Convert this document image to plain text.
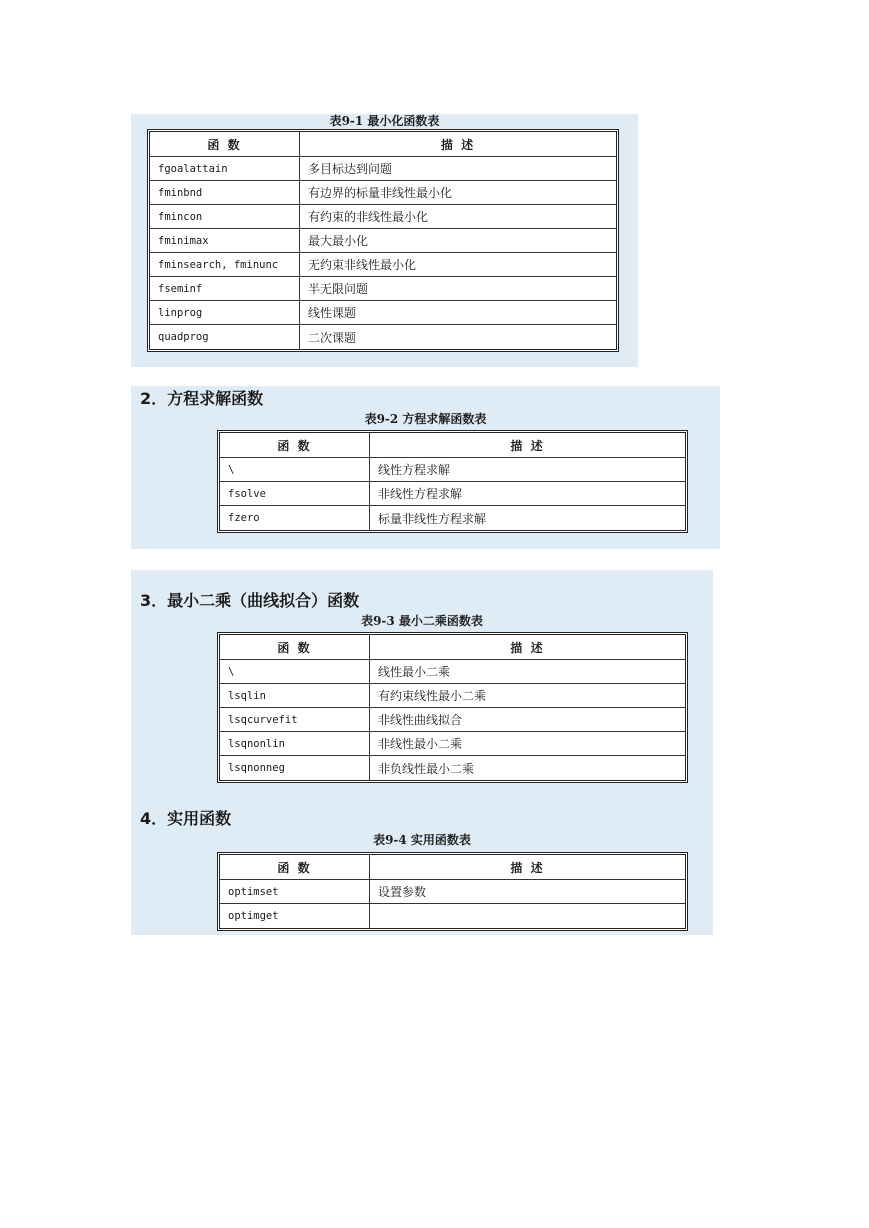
表9-1 最小化函数表
函 数	描 述
fgoalattain	多目标达到问题
fminbnd	有边界的标量非线性最小化
fmincon	有约束的非线性最小化
fminimax	最大最小化
fminsearch, fminunc	无约束非线性最小化
fseminf	半无限问题
linprog	线性课题
quadprog	二次课题
2．方程求解函数
表9-2 方程求解函数表
函 数	描 述
\	线性方程求解
fsolve	非线性方程求解
fzero	标量非线性方程求解
3．最小二乘（曲线拟合）函数
表9-3 最小二乘函数表
函 数	描 述
\	线性最小二乘
lsqlin	有约束线性最小二乘
lsqcurvefit	非线性曲线拟合
lsqnonlin	非线性最小二乘
lsqnonneg	非负线性最小二乘
4．实用函数
表9-4 实用函数表
函 数	描 述
optimset	设置参数
optimget	
